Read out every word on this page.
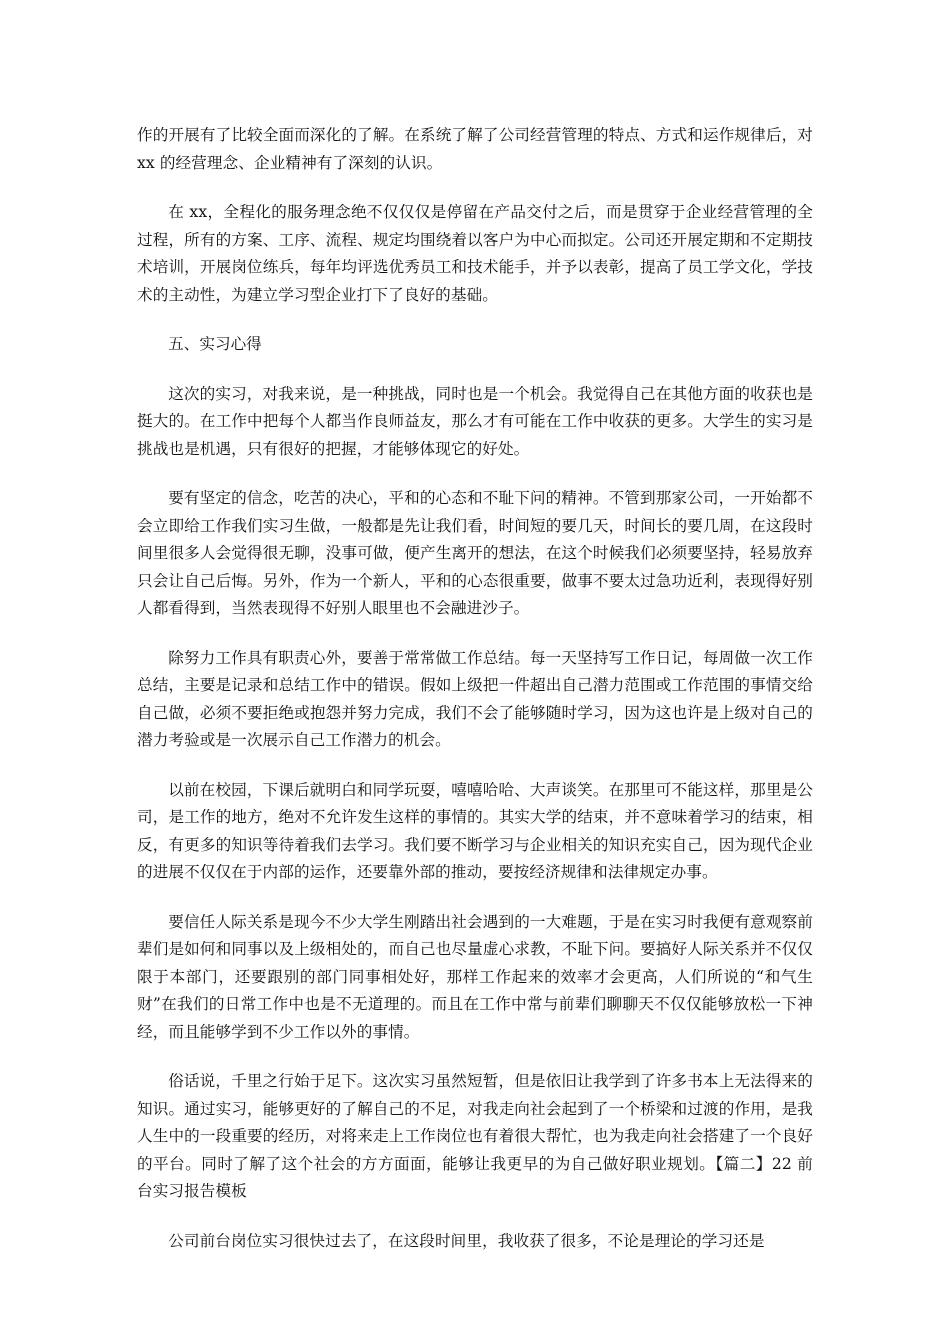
作的开展有了比较全面而深化的了解。在系统了解了公司经营管理的特点、方式和运作规律后，对 xx 的经营理念、企业精神有了深刻的认识。

在 xx，全程化的服务理念绝不仅仅仅是停留在产品交付之后，而是贯穿于企业经营管理的全过程，所有的方案、工序、流程、规定均围绕着以客户为中心而拟定。公司还开展定期和不定期技术培训，开展岗位练兵，每年均评选优秀员工和技术能手，并予以表彰，提高了员工学文化，学技术的主动性，为建立学习型企业打下了良好的基础。

五、实习心得

这次的实习，对我来说，是一种挑战，同时也是一个机会。我觉得自己在其他方面的收获也是挺大的。在工作中把每个人都当作良师益友，那么才有可能在工作中收获的更多。大学生的实习是挑战也是机遇，只有很好的把握，才能够体现它的好处。

要有坚定的信念，吃苦的决心，平和的心态和不耻下问的精神。不管到那家公司，一开始都不会立即给工作我们实习生做，一般都是先让我们看，时间短的要几天，时间长的要几周，在这段时间里很多人会觉得很无聊，没事可做，便产生离开的想法，在这个时候我们必须要坚持，轻易放弃只会让自己后悔。另外，作为一个新人，平和的心态很重要，做事不要太过急功近利，表现得好别人都看得到，当然表现得不好别人眼里也不会融进沙子。

除努力工作具有职责心外，要善于常常做工作总结。每一天坚持写工作日记，每周做一次工作总结，主要是记录和总结工作中的错误。假如上级把一件超出自己潜力范围或工作范围的事情交给自己做，必须不要拒绝或抱怨并努力完成，我们不会了能够随时学习，因为这也许是上级对自己的潜力考验或是一次展示自己工作潜力的机会。

以前在校园，下课后就明白和同学玩耍，嘻嘻哈哈、大声谈笑。在那里可不能这样，那里是公司，是工作的地方，绝对不允许发生这样的事情的。其实大学的结束，并不意味着学习的结束，相反，有更多的知识等待着我们去学习。我们要不断学习与企业相关的知识充实自己，因为现代企业的进展不仅仅在于内部的运作，还要靠外部的推动，要按经济规律和法律规定办事。

要信任人际关系是现今不少大学生刚踏出社会遇到的一大难题，于是在实习时我便有意观察前辈们是如何和同事以及上级相处的，而自己也尽量虚心求教，不耻下问。要搞好人际关系并不仅仅限于本部门，还要跟别的部门同事相处好，那样工作起来的效率才会更高，人们所说的“和气生财”在我们的日常工作中也是不无道理的。而且在工作中常与前辈们聊聊天不仅仅能够放松一下神经，而且能够学到不少工作以外的事情。

俗话说，千里之行始于足下。这次实习虽然短暂，但是依旧让我学到了许多书本上无法得来的知识。通过实习，能够更好的了解自己的不足，对我走向社会起到了一个桥梁和过渡的作用，是我人生中的一段重要的经历，对将来走上工作岗位也有着很大帮忙，也为我走向社会搭建了一个良好的平台。同时了解了这个社会的方方面面，能够让我更早的为自己做好职业规划。【篇二】22 前台实习报告模板

公司前台岗位实习很快过去了，在这段时间里，我收获了很多，不论是理论的学习还是
